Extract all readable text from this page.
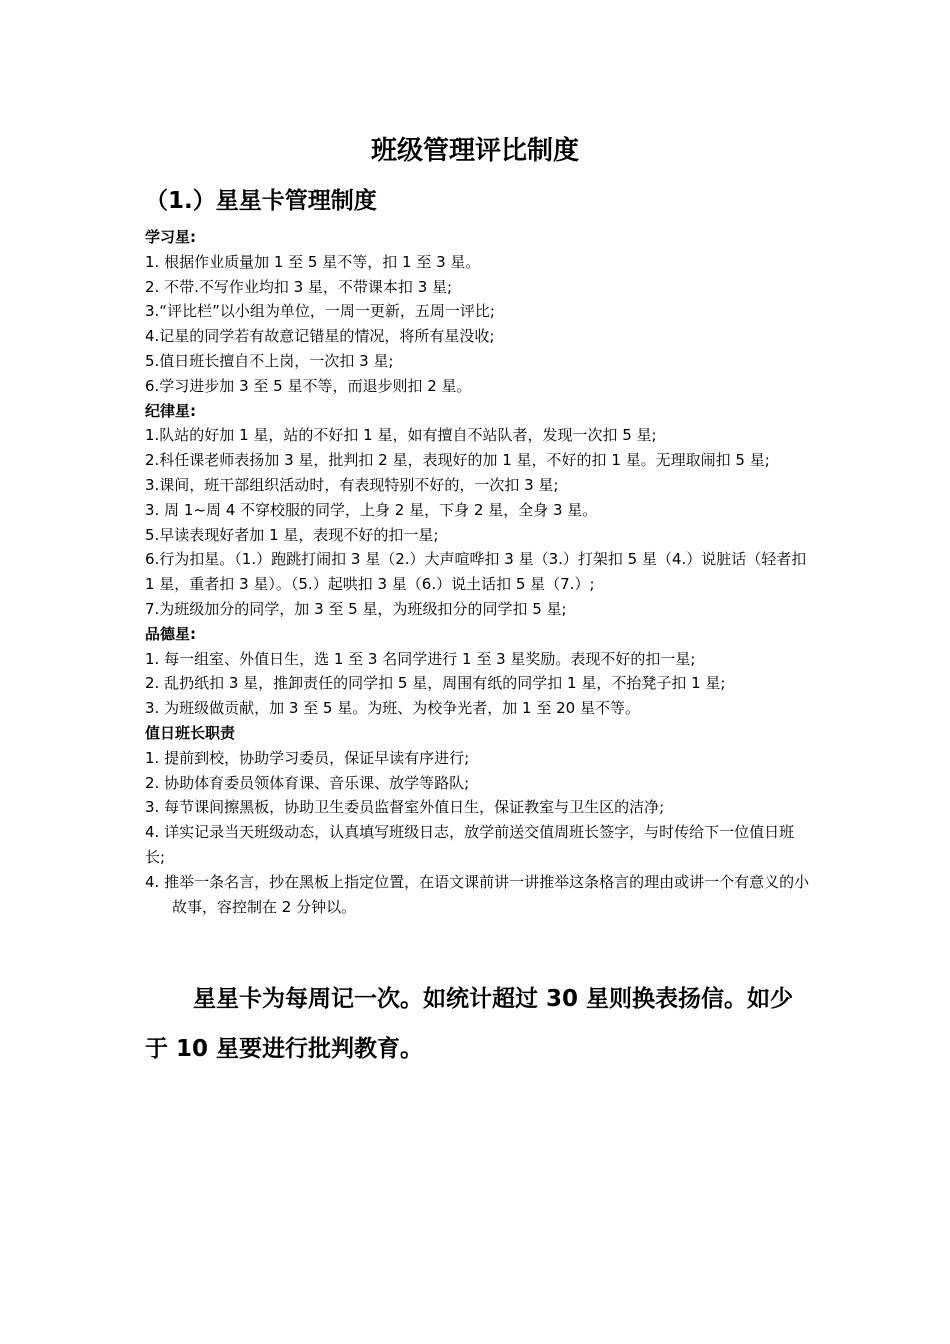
班级管理评比制度
（1.）星星卡管理制度

学习星:

1. 根据作业质量加 1 至 5 星不等，扣 1 至 3 星。

2. 不带.不写作业均扣 3 星，不带课本扣 3 星;

3.“评比栏”以小组为单位，一周一更新，五周一评比;

4.记星的同学若有故意记错星的情况，将所有星没收;

5.值日班长擅自不上岗，一次扣 3 星;

6.学习进步加 3 至 5 星不等，而退步则扣 2 星。

纪律星:

1.队站的好加 1 星，站的不好扣 1 星，如有擅自不站队者，发现一次扣 5 星;

2.科任课老师表扬加 3 星，批判扣 2 星，表现好的加 1 星，不好的扣 1 星。无理取闹扣 5 星;

3.课间，班干部组织活动时，有表现特别不好的，一次扣 3 星;

3. 周 1~周 4 不穿校服的同学，上身 2 星，下身 2 星，全身 3 星。

5.早读表现好者加 1 星，表现不好的扣一星;

6.行为扣星。（1.）跑跳打闹扣 3 星（2.）大声喧哗扣 3 星（3.）打架扣 5 星（4.）说脏话（轻者扣 1 星，重者扣 3 星）。（5.）起哄扣 3 星（6.）说土话扣 5 星（7.）;

7.为班级加分的同学，加 3 至 5 星，为班级扣分的同学扣 5 星;

品德星:

1. 每一组室、外值日生，选 1 至 3 名同学进行 1 至 3 星奖励。表现不好的扣一星;

2. 乱扔纸扣 3 星，推卸责任的同学扣 5 星，周围有纸的同学扣 1 星，不抬凳子扣 1 星;

3. 为班级做贡献，加 3 至 5 星。为班、为校争光者，加 1 至 20 星不等。

值日班长职责

1. 提前到校，协助学习委员，保证早读有序进行;

2. 协助体育委员领体育课、音乐课、放学等路队;

3. 每节课间擦黑板，协助卫生委员监督室外值日生，保证教室与卫生区的洁净;

4. 详实记录当天班级动态，认真填写班级日志，放学前送交值周班长签字，与时传给下一位值日班长;

4. 推举一条名言，抄在黑板上指定位置，在语文课前讲一讲推举这条格言的理由或讲一个有意义的小故事，容控制在 2 分钟以。

星星卡为每周记一次。如统计超过 30 星则换表扬信。如少于 10 星要进行批判教育。
